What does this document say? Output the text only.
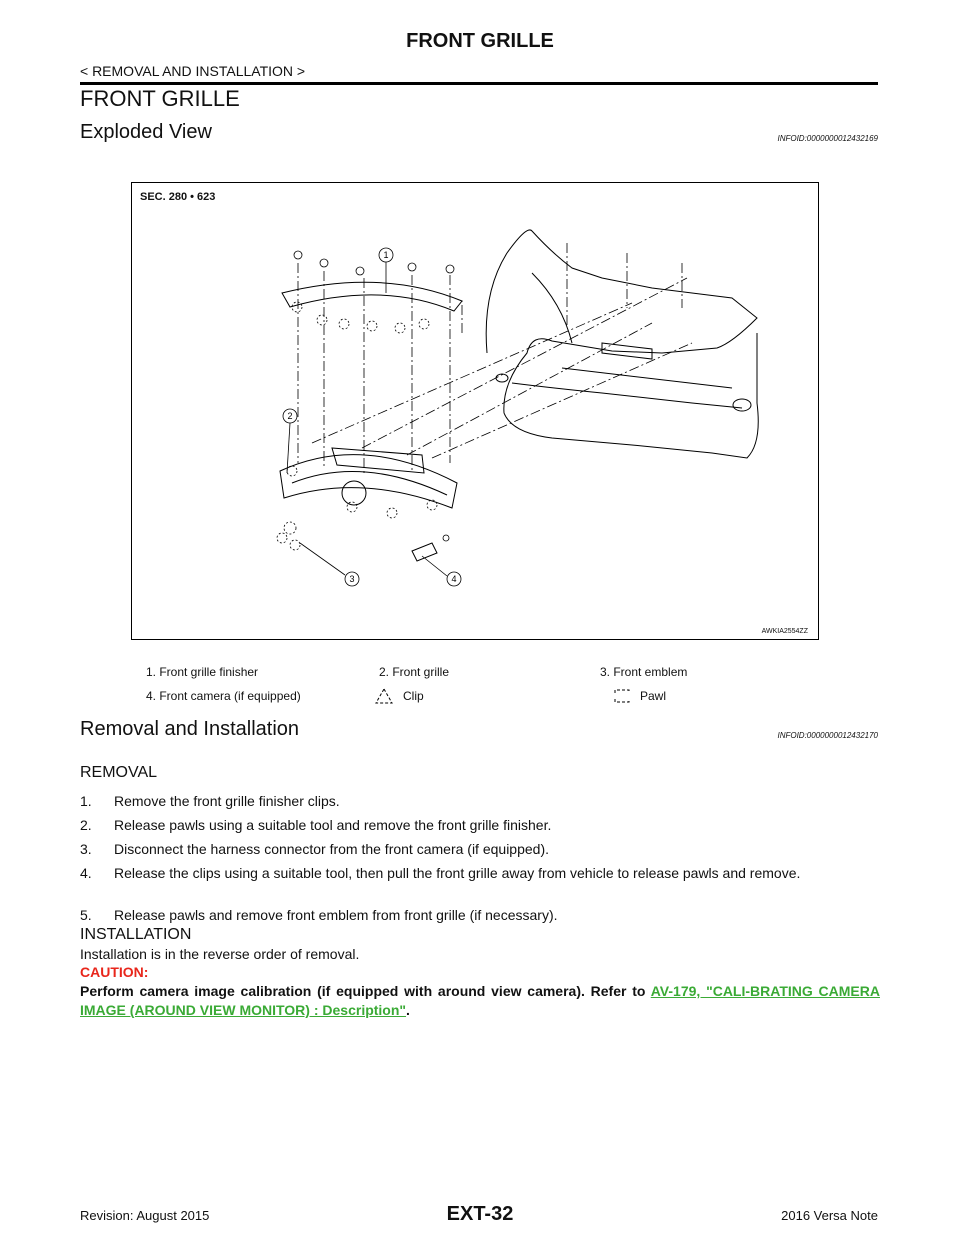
FRONT GRILLE
< REMOVAL AND INSTALLATION >
FRONT GRILLE
Exploded View	INFOID:0000000012432169
1
2
3	4
SEC. 280 • 623
AWKIA2554ZZ
1. Front grille finisher	2. Front grille	3. Front emblem
4. Front camera (if equipped)	Clip	Pawl
Removal and Installation	INFOID:0000000012432170
REMOVAL
1. Remove the front grille finisher clips.
2. Release pawls using a suitable tool and remove the front grille finisher.
3. Disconnect the harness connector from the front camera (if equipped).
4. Release the clips using a suitable tool, then pull the front grille away from vehicle to release pawls and remove.
5. Release pawls and remove front emblem from front grille (if necessary).
INSTALLATION
Installation is in the reverse order of removal.
CAUTION:
Perform camera image calibration (if equipped with around view camera). Refer to AV-179, "CALI-BRATING CAMERA IMAGE (AROUND VIEW MONITOR) : Description".
Revision: August 2015	EXT-32	2016 Versa Note
